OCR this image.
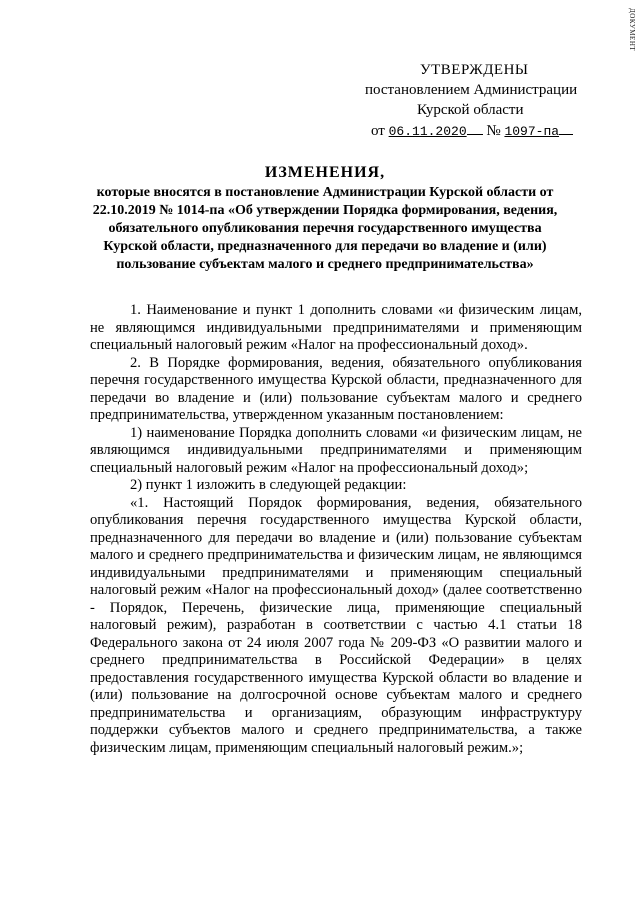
ДОКУМЕНТ
УТВЕРЖДЕНЫ
постановлением Администрации
Курской области
от 06.11.2020 № 1097-па
ИЗМЕНЕНИЯ,
которые вносятся в постановление Администрации Курской области от 22.10.2019 № 1014-па «Об утверждении Порядка формирования, ведения, обязательного опубликования перечня государственного имущества Курской области, предназначенного для передачи во владение и (или) пользование субъектам малого и среднего предпринимательства»

1. Наименование и пункт 1 дополнить словами «и физическим лицам, не являющимся индивидуальными предпринимателями и применяющим специальный налоговый режим «Налог на профессиональный доход».

2. В Порядке формирования, ведения, обязательного опубликования перечня государственного имущества Курской области, предназначенного для передачи во владение и (или) пользование субъектам малого и среднего предпринимательства, утвержденном указанным постановлением:

1) наименование Порядка дополнить словами «и физическим лицам, не являющимся индивидуальными предпринимателями и применяющим специальный налоговый режим «Налог на профессиональный доход»;

2) пункт 1 изложить в следующей редакции:

«1. Настоящий Порядок формирования, ведения, обязательного опубликования перечня государственного имущества Курской области, предназначенного для передачи во владение и (или) пользование субъектам малого и среднего предпринимательства и физическим лицам, не являющимся индивидуальными предпринимателями и применяющим специальный налоговый режим «Налог на профессиональный доход» (далее соответственно - Порядок, Перечень, физические лица, применяющие специальный налоговый режим), разработан в соответствии с частью 4.1 статьи 18 Федерального закона от 24 июля 2007 года № 209-ФЗ «О развитии малого и среднего предпринимательства в Российской Федерации» в целях предоставления государственного имущества Курской области во владение и (или) пользование на долгосрочной основе субъектам малого и среднего предпринимательства и организациям, образующим инфраструктуру поддержки субъектов малого и среднего предпринимательства, а также физическим лицам, применяющим специальный налоговый режим.»;
